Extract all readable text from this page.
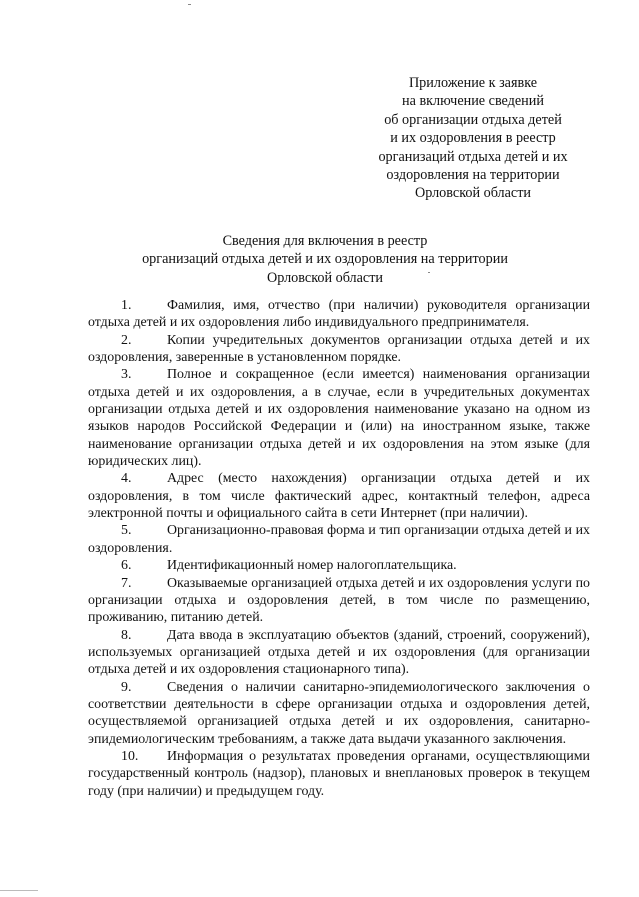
Приложение к заявке
на включение сведений
об организации отдыха детей
и их оздоровления в реестр
организаций отдыха детей и их
оздоровления на территории
Орловской области
Сведения для включения в реестр
организаций отдыха детей и их оздоровления на территории
Орловской области

1.	Фамилия, имя, отчество (при наличии) руководителя организации отдыха детей и их оздоровления либо индивидуального предпринимателя.

2.	Копии учредительных документов организации отдыха детей и их оздоровления, заверенные в установленном порядке.

3.	Полное и сокращенное (если имеется) наименования организации отдыха детей и их оздоровления, а в случае, если в учредительных документах организации отдыха детей и их оздоровления наименование указано на одном из языков народов Российской Федерации и (или) на иностранном языке, также наименование организации отдыха детей и их оздоровления на этом языке (для юридических лиц).

4.	Адрес (место нахождения) организации отдыха детей и их оздоровления, в том числе фактический адрес, контактный телефон, адреса электронной почты и официального сайта в сети Интернет (при наличии).

5.	Организационно-правовая форма и тип организации отдыха детей и их оздоровления.

6.	Идентификационный номер налогоплательщика.

7.	Оказываемые организацией отдыха детей и их оздоровления услуги по организации отдыха и оздоровления детей, в том числе по размещению, проживанию, питанию детей.

8.	Дата ввода в эксплуатацию объектов (зданий, строений, сооружений), используемых организацией отдыха детей и их оздоровления (для организации отдыха детей и их оздоровления стационарного типа).

9.	Сведения о наличии санитарно-эпидемиологического заключения о соответствии деятельности в сфере организации отдыха и оздоровления детей, осуществляемой организацией отдыха детей и их оздоровления, санитарно-эпидемиологическим требованиям, а также дата выдачи указанного заключения.

10. Информация о результатах проведения органами, осуществляющими государственный контроль (надзор), плановых и внеплановых проверок в текущем году (при наличии) и предыдущем году.
